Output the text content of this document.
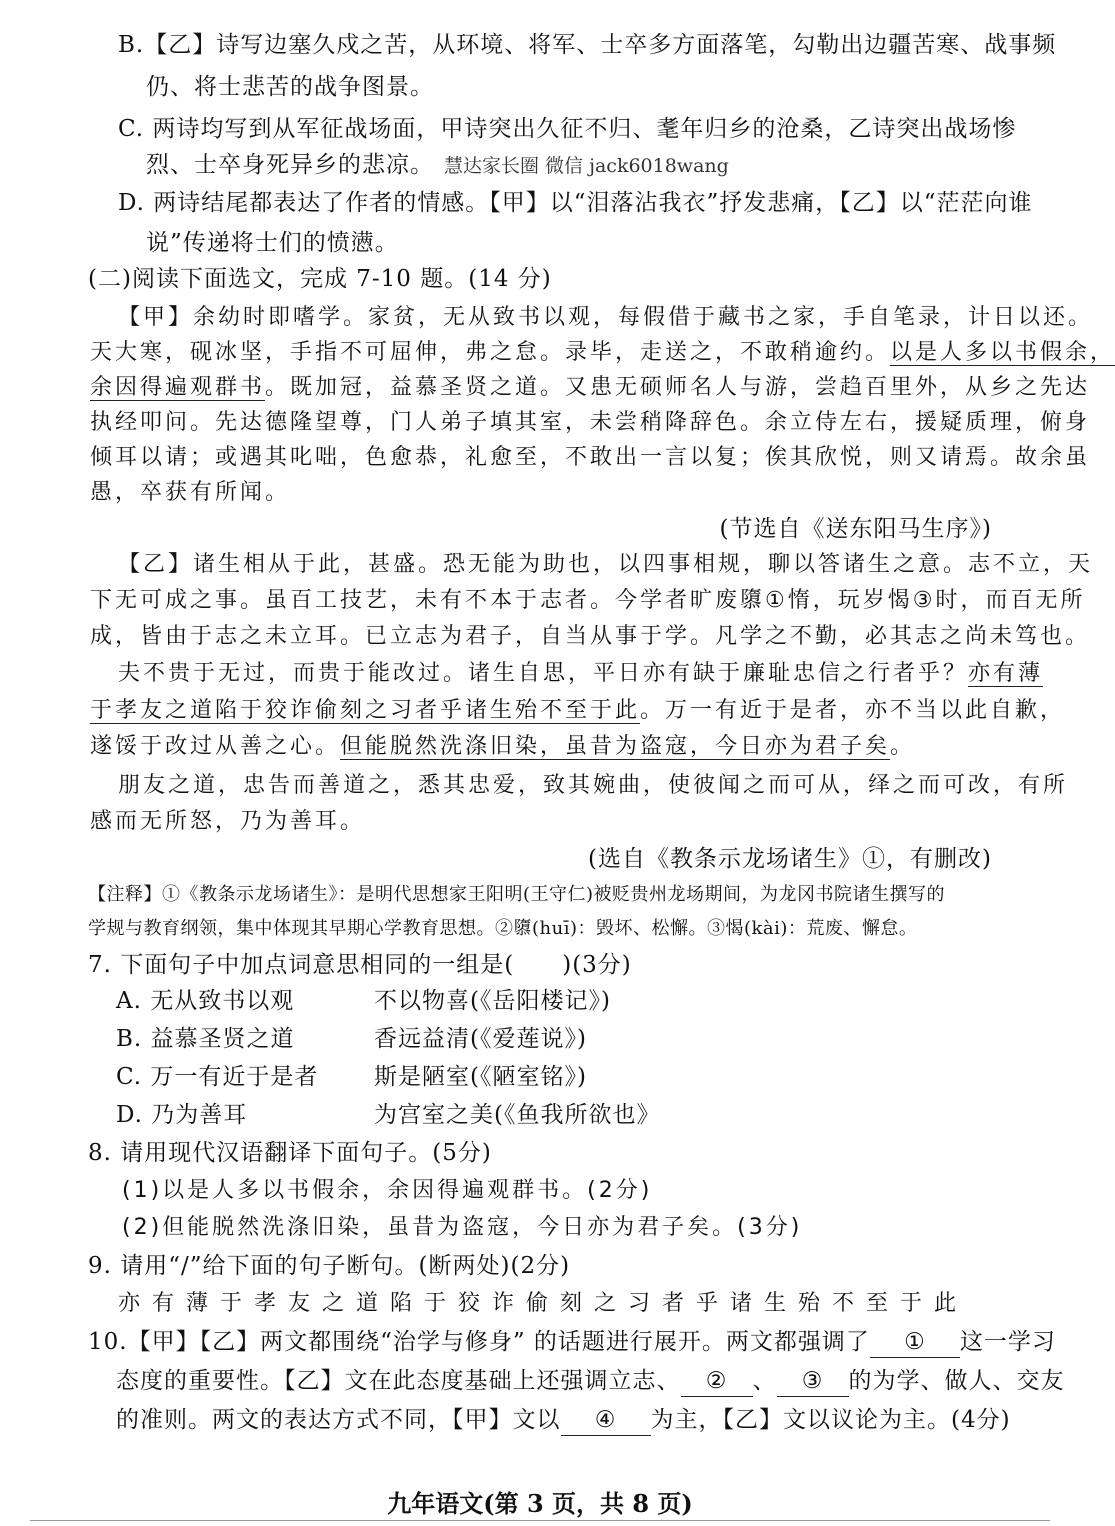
B.【乙】诗写边塞久戍之苦，从环境、将军、士卒多方面落笔，勾勒出边疆苦寒、战事频
仍、将士悲苦的战争图景。
C. 两诗均写到从军征战场面，甲诗突出久征不归、耄年归乡的沧桑，乙诗突出战场惨
烈、士卒身死异乡的悲凉。 慧达家长圈 微信 jack6018wang
D. 两诗结尾都表达了作者的情感。【甲】以“泪落沾我衣”抒发悲痛，【乙】以“茫茫向谁
说”传递将士们的愤懑。
(二)阅读下面选文，完成 7-10 题。(14 分)
【甲】余幼时即嗜学。家贫，无从致书以观，每假借于藏书之家，手自笔录，计日以还。
天大寒，砚冰坚，手指不可屈伸，弗之怠。录毕，走送之，不敢稍逾约。以是人多以书假余，
余因得遍观群书。既加冠，益慕圣贤之道。又患无硕师名人与游，尝趋百里外，从乡之先达
执经叩问。先达德隆望尊，门人弟子填其室，未尝稍降辞色。余立侍左右，援疑质理，俯身
倾耳以请；或遇其叱咄，色愈恭，礼愈至，不敢出一言以复；俟其欣悦，则又请焉。故余虽
愚，卒获有所闻。
(节选自《送东阳马生序》)
【乙】诸生相从于此，甚盛。恐无能为助也，以四事相规，聊以答诸生之意。志不立，天
下无可成之事。虽百工技艺，未有不本于志者。今学者旷废隳①惰，玩岁愒③时，而百无所
成，皆由于志之未立耳。已立志为君子，自当从事于学。凡学之不勤，必其志之尚未笃也。
夫不贵于无过，而贵于能改过。诸生自思，平日亦有缺于廉耻忠信之行者乎？亦有薄
于孝友之道陷于狡诈偷刻之习者乎诸生殆不至于此。万一有近于是者，亦不当以此自歉，
遂馁于改过从善之心。但能脱然洗涤旧染，虽昔为盗寇，今日亦为君子矣。
朋友之道，忠告而善道之，悉其忠爱，致其婉曲，使彼闻之而可从，绎之而可改，有所
感而无所怒，乃为善耳。
(选自《教条示龙场诸生》①，有删改)
【注释】①《教条示龙场诸生》：是明代思想家王阳明(王守仁)被贬贵州龙场期间，为龙冈书院诸生撰写的
学规与教育纲领，集中体现其早期心学教育思想。②隳(huī)：毁坏、松懈。③愒(kài)：荒废、懈怠。
7. 下面句子中加点词意思相同的一组是(　　)(3分)
A. 无从致书以观	不以物喜(《岳阳楼记》)
B. 益慕圣贤之道	香远益清(《爱莲说》)
C. 万一有近于是者 斯是陋室(《陋室铭》)
D. 乃为善耳	为宫室之美(《鱼我所欲也》
8. 请用现代汉语翻译下面句子。(5分)
(1)以是人多以书假余，余因得遍观群书。(2分)
(2)但能脱然洗涤旧染，虽昔为盗寇，今日亦为君子矣。(3分)
9. 请用“/”给下面的句子断句。(断两处)(2分)
亦有薄于孝友之道陷于狡诈偷刻之习者乎诸生殆不至于此
10.【甲】【乙】两文都围绕“治学与修身” 的话题进行展开。两文都强调了 ① 这一学习
态度的重要性。【乙】文在此态度基础上还强调立志、 ② 、 ③ 的为学、做人、交友
的准则。两文的表达方式不同，【甲】文以 ④ 为主，【乙】文以议论为主。(4分)
九年语文(第 3 页，共 8 页)
